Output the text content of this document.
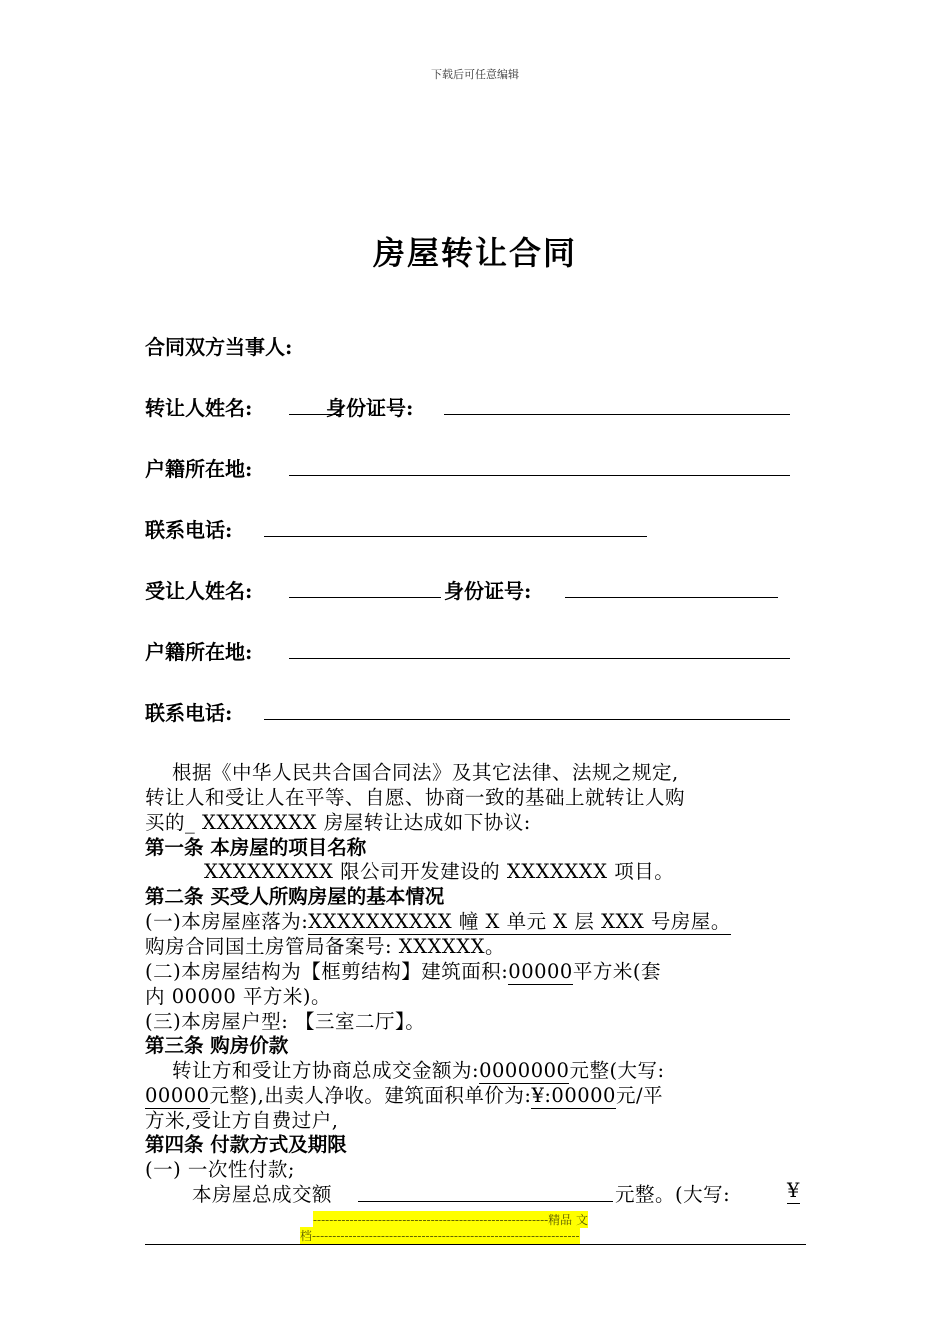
下载后可任意编辑
房屋转让合同
合同双方当事人:
转让人姓名:	身份证号:
户籍所在地:
联系电话:
受让人姓名:	身份证号:
户籍所在地:
联系电话:
根据《中华人民共合国合同法》及其它法律、法规之规定,
转让人和受让人在平等、自愿、协商一致的基础上就转让人购
买的_ XXXXXXXX 房屋转让达成如下协议:
第一条 本房屋的项目名称
XXXXXXXXX 限公司开发建设的 XXXXXXX 项目。
第二条 买受人所购房屋的基本情况
(一)本房屋座落为:XXXXXXXXXX 幢 X 单元 X 层 XXX 号房屋。
购房合同国土房管局备案号: XXXXXX。
(二)本房屋结构为【框剪结构】建筑面积:00000平方米(套
内 00000 平方米)。
(三)本房屋户型: 【三室二厅】。
第三条 购房价款
转让方和受让方协商总成交金额为:0000000元整(大写:
00000元整),出卖人净收。建筑面积单价为:¥:00000元/平
方米,受让方自费过户,
第四条 付款方式及期限
(一) 一次性付款;
本房屋总成交额	元整。(大写:	¥
----------------------------------------------------------精品 文
档------------------------------------------------------------------
